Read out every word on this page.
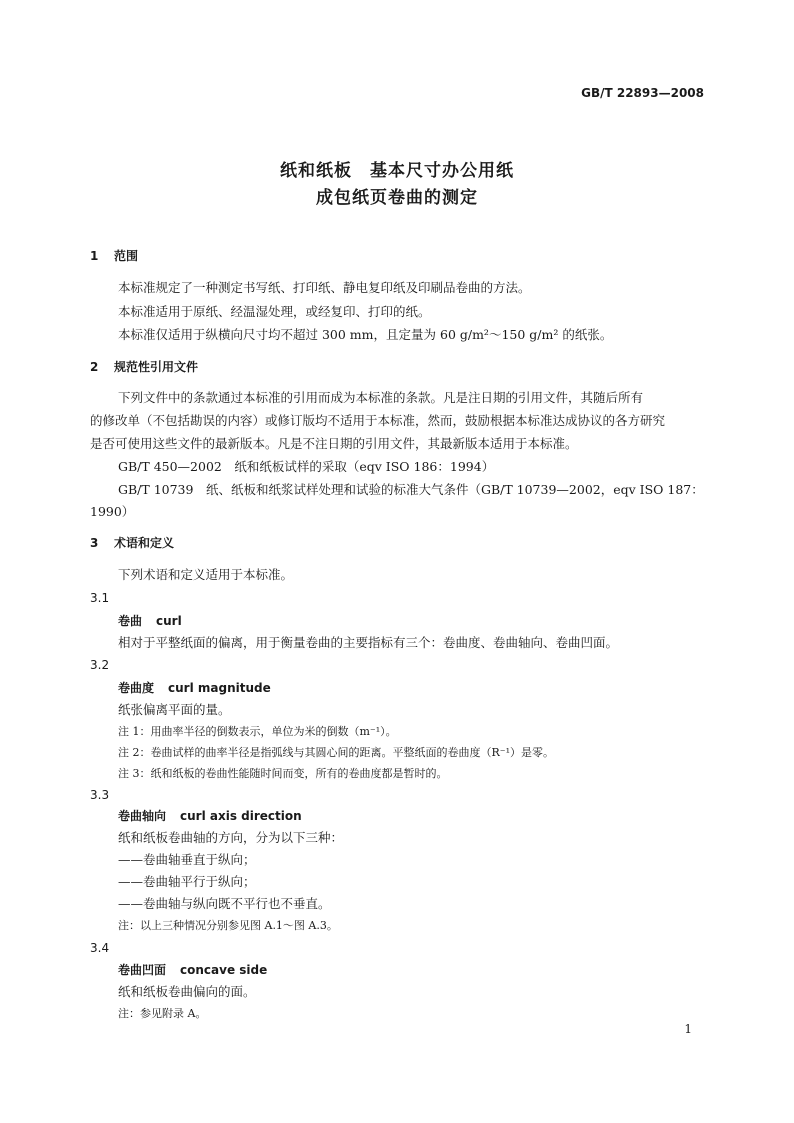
GB/T 22893—2008
纸和纸板　基本尺寸办公用纸
成包纸页卷曲的测定
1 范围
本标准规定了一种测定书写纸、打印纸、静电复印纸及印刷品卷曲的方法。
本标准适用于原纸、经温湿处理，或经复印、打印的纸。
本标准仅适用于纵横向尺寸均不超过 300 mm，且定量为 60 g/m²～150 g/m² 的纸张。
2 规范性引用文件
下列文件中的条款通过本标准的引用而成为本标准的条款。凡是注日期的引用文件，其随后所有
的修改单（不包括勘误的内容）或修订版均不适用于本标准，然而，鼓励根据本标准达成协议的各方研究
是否可使用这些文件的最新版本。凡是不注日期的引用文件，其最新版本适用于本标准。
GB/T 450—2002　纸和纸板试样的采取（eqv ISO 186：1994）
GB/T 10739　纸、纸板和纸浆试样处理和试验的标准大气条件（GB/T 10739—2002，eqv ISO 187：
1990）
3 术语和定义
下列术语和定义适用于本标准。
3.1
卷曲 curl
相对于平整纸面的偏离，用于衡量卷曲的主要指标有三个：卷曲度、卷曲轴向、卷曲凹面。
3.2
卷曲度 curl magnitude
纸张偏离平面的量。
注 1：用曲率半径的倒数表示，单位为米的倒数（m⁻¹）。
注 2：卷曲试样的曲率半径是指弧线与其圆心间的距离。平整纸面的卷曲度（R⁻¹）是零。
注 3：纸和纸板的卷曲性能随时间而变，所有的卷曲度都是暂时的。
3.3
卷曲轴向 curl axis direction
纸和纸板卷曲轴的方向，分为以下三种：
——卷曲轴垂直于纵向；
——卷曲轴平行于纵向；
——卷曲轴与纵向既不平行也不垂直。
注：以上三种情况分别参见图 A.1～图 A.3。
3.4
卷曲凹面 concave side
纸和纸板卷曲偏向的面。
注：参见附录 A。
1
